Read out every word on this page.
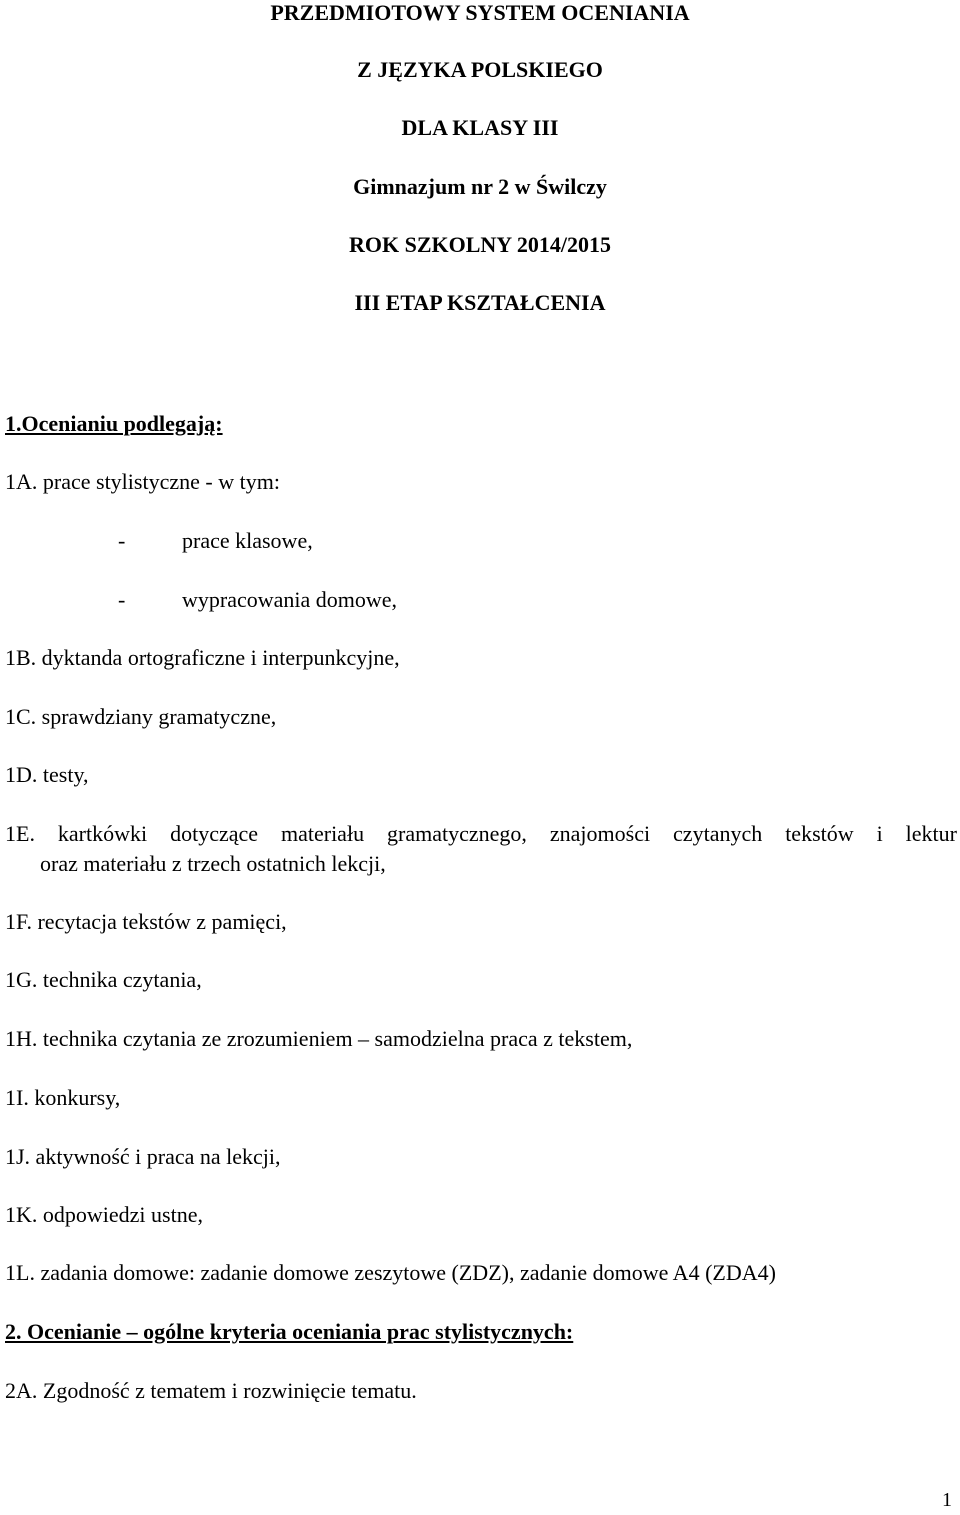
PRZEDMIOTOWY SYSTEM OCENIANIA
Z JĘZYKA POLSKIEGO
DLA KLASY III
Gimnazjum nr 2 w Świlczy
ROK SZKOLNY 2014/2015
III ETAP KSZTAŁCENIA
1.Ocenianiu podlegają:
1A. prace stylistyczne - w tym:
-	prace klasowe,
-	wypracowania domowe,
1B. dyktanda ortograficzne i interpunkcyjne,
1C. sprawdziany gramatyczne,
1D. testy,
1E. kartkówki dotyczące materiału gramatycznego, znajomości czytanych tekstów i lektur
oraz materiału z trzech ostatnich lekcji,
1F. recytacja tekstów z pamięci,
1G. technika czytania,
1H. technika czytania ze zrozumieniem – samodzielna praca z tekstem,
1I. konkursy,
1J. aktywność i praca na lekcji,
1K. odpowiedzi ustne,
1L. zadania domowe: zadanie domowe zeszytowe (ZDZ), zadanie domowe A4 (ZDA4)
2. Ocenianie – ogólne kryteria oceniania prac stylistycznych:
2A. Zgodność z tematem i rozwinięcie tematu.
1
